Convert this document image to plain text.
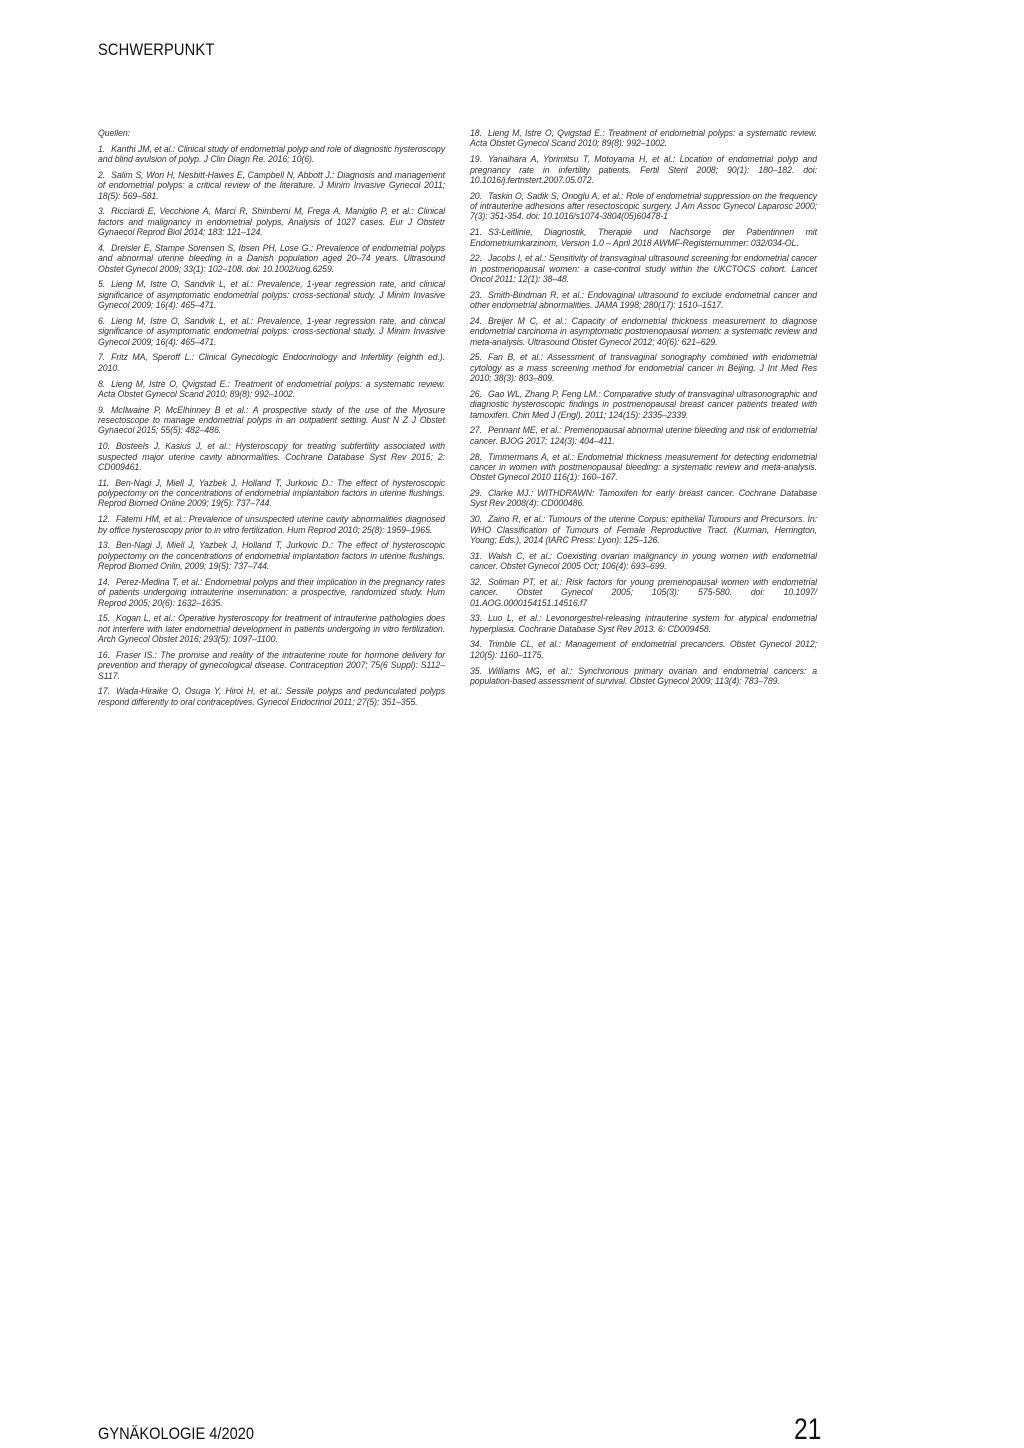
SCHWERPUNKT

Quellen:

1. Kanthi JM, et al.: Clinical study of endometrial polyp and role of diagnostic hysteroscopy and blind avulsion of polyp. J Clin Diagn Re. 2016; 10(6).

2. Salim S, Won H, Nesbitt-Hawes E, Campbell N, Abbott J.: Diagnosis and management of endometrial polyps: a critical review of the literature. J Minim Invasive Gynecol 2011; 18(5): 569–581.

3. Ricciardi E, Vecchione A, Marci R, Shimberni M, Frega A, Maniglio P, et al.: Clinical factors and malignancy in endometrial polyps, Analysis of 1027 cases. Eur J Obstetr Gynaecol Reprod Biol 2014; 183: 121–124.

4. Dreisler E, Stampe Sorensen S, Ibsen PH, Lose G.: Prevalence of endometrial polyps and abnormal uterine bleeding in a Danish population aged 20–74 years. Ultrasound Obstet Gynecol 2009; 33(1): 102–108. doi: 10.1002/uog.6259.

5. Lieng M, Istre O, Sandvik L, et al.: Prevalence, 1-year regression rate, and clinical significance of asymptomatic endometrial polyps: cross-sectional study. J Minim Invasive Gynecol 2009; 16(4): 465–471.

6. Lieng M, Istre O, Sandvik L, et al.: Prevalence, 1-year regression rate, and clinical significance of asymptomatic endometrial polyps: cross-sectional study. J Minim Invasive Gynecol 2009; 16(4): 465–471.

7. Fritz MA, Speroff L.: Clinical Gynecologic Endocrinology and Infertility (eighth ed.). 2010.

8. Lieng M, Istre O, Qvigstad E.: Treatment of endometrial polyps: a systematic review. Acta Obstet Gynecol Scand 2010; 89(8): 992–1002.

9. McIlwaine P, McElhinney B et al.: A prospective study of the use of the Myosure resectoscope to manage endometrial polyps in an outpatient setting. Aust N Z J Obstet Gynaecol 2015; 55(5): 482–486.

10. Bosteels J, Kasius J, et al.: Hysteroscopy for treating subfertility associated with suspected major uterine cavity abnormalities. Cochrane Database Syst Rev 2015; 2: CD009461.

11. Ben-Nagi J, Miell J, Yazbek J, Holland T, Jurkovic D.: The effect of hysteroscopic polypectomy on the concentrations of endometrial implantation factors in uterine flushings. Reprod Biomed Online 2009; 19(5): 737–744.

12. Fatemi HM, et al.: Prevalence of unsuspected uterine cavity abnormalities diagnosed by office hysteroscopy prior to in vitro fertilization. Hum Reprod 2010; 25(8): 1959–1965.

13. Ben-Nagi J, Miell J, Yazbek J, Holland T, Jurkovic D.: The effect of hysteroscopic polypectomy on the concentrations of endometrial implantation factors in uterine flushings. Reprod Biomed Onlin, 2009; 19(5): 737–744.

14. Perez-Medina T, et al.: Endometrial polyps and their implication in the pregnancy rates of patients undergoing intrauterine insemination: a prospective, randomized study. Hum Reprod 2005; 20(6): 1632–1635.

15. Kogan L, et al.: Operative hysteroscopy for treatment of intrauterine pathologies does not interfere with later endometrial development in patients undergoing in vitro fertilization. Arch Gynecol Obstet 2016; 293(5): 1097–1100.

16. Fraser IS.: The promise and reality of the intrauterine route for hormone delivery for prevention and therapy of gynecological disease. Contraception 2007; 75(6 Suppl): S112–S117.

17. Wada-Hiraike O, Osuga Y, Hiroi H, et al.: Sessile polyps and pedunculated polyps respond differently to oral contraceptives. Gynecol Endocrinol 2011; 27(5): 351–355.

18. Lieng M, Istre O, Qvigstad E.: Treatment of endometrial polyps: a systematic review. Acta Obstet Gynecol Scand 2010; 89(8): 992–1002.

19. Yanaihara A, Yorimitsu T, Motoyama H, et al.: Location of endometrial polyp and pregnancy rate in infertility patients. Fertil Steril 2008; 90(1): 180–182. doi: 10.1016/j.fertnstert.2007.05.072.

20. Taskin O, Sadik S, Onoglu A, et al.: Role of endometrial suppression on the frequency of intrauterine adhesions after resectoscopic surgery. J Am Assoc Gynecol Laparosc 2000; 7(3): 351-354. doi: 10.1016/s1074-3804(05)60478-1

21. S3-Leitlinie, Diagnostik, Therapie und Nachsorge der Patientinnen mit Endometriumkarzinom, Version 1.0 – April 2018 AWMF-Registernummer: 032/034-OL.

22. Jacobs I, et al.: Sensitivity of transvaginal ultrasound screening for endometrial cancer in postmenopausal women: a case-control study within the UKCTOCS cohort. Lancet Oncol 2011; 12(1): 38–48.

23. Smith-Bindman R, et al.: Endovaginal ultrasound to exclude endometrial cancer and other endometrial abnormalities. JAMA 1998; 280(17): 1510–1517.

24. Breijer M C, et al.: Capacity of endometrial thickness measurement to diagnose endometrial carcinoma in asymptomatic postmenopausal women: a systematic review and meta-analysis. Ultrasound Obstet Gynecol 2012; 40(6): 621–629.

25. Fan B, et al.: Assessment of transvaginal sonography combined with endometrial cytology as a mass screening method for endometrial cancer in Beijing. J Int Med Res 2010; 38(3): 803–809.

26. Gao WL, Zhang P, Feng LM.: Comparative study of transvaginal ultrasonographic and diagnostic hysteroscopic findings in postmenopausal breast cancer patients treated with tamoxifen. Chin Med J (Engl). 2011; 124(15): 2335–2339.

27. Pennant ME, et al.: Premenopausal abnormal uterine bleeding and risk of endometrial cancer. BJOG 2017; 124(3): 404–411.

28. Timmermans A, et al.: Endometrial thickness measurement for detecting endometrial cancer in women with postmenopausal bleeding: a systematic review and meta-analysis. Obstet Gynecol 2010 116(1): 160–167.

29. Clarke MJ.: WITHDRAWN: Tamoxifen for early breast cancer. Cochrane Database Syst Rev 2008(4): CD000486.

30. Zaino R, et al.: Tumours of the uterine Corpus: epithelial Tumours and Precursors. In: WHO Classification of Tumours of Female Reproductive Tract. (Kurman, Herrington, Young; Eds.), 2014 (IARC Press: Lyon): 125–126.

31. Walsh C, et al.: Coexisting ovarian malignancy in young women with endometrial cancer. Obstet Gynecol 2005 Oct; 106(4): 693–699.

32. Soliman PT, et al.: Risk factors for young premenopausal women with endometrial cancer. Obstet Gynecol 2005; 105(3): 575-580. doi: 10.1097/ 01.AOG.0000154151.14516.f7

33. Luo L, et al.: Levonorgestrel-releasing intrauterine system for atypical endometrial hyperplasia. Cochrane Database Syst Rev 2013. 6: CD009458.

34. Trimble CL, et al.: Management of endometrial precancers. Obstet Gynecol 2012; 120(5): 1160–1175.

35. Williams MG, et al.: Synchronous primary ovarian and endometrial cancers: a population-based assessment of survival. Obstet Gynecol 2009; 113(4): 783–789.

GYNÄKOLOGIE 4/2020	21
